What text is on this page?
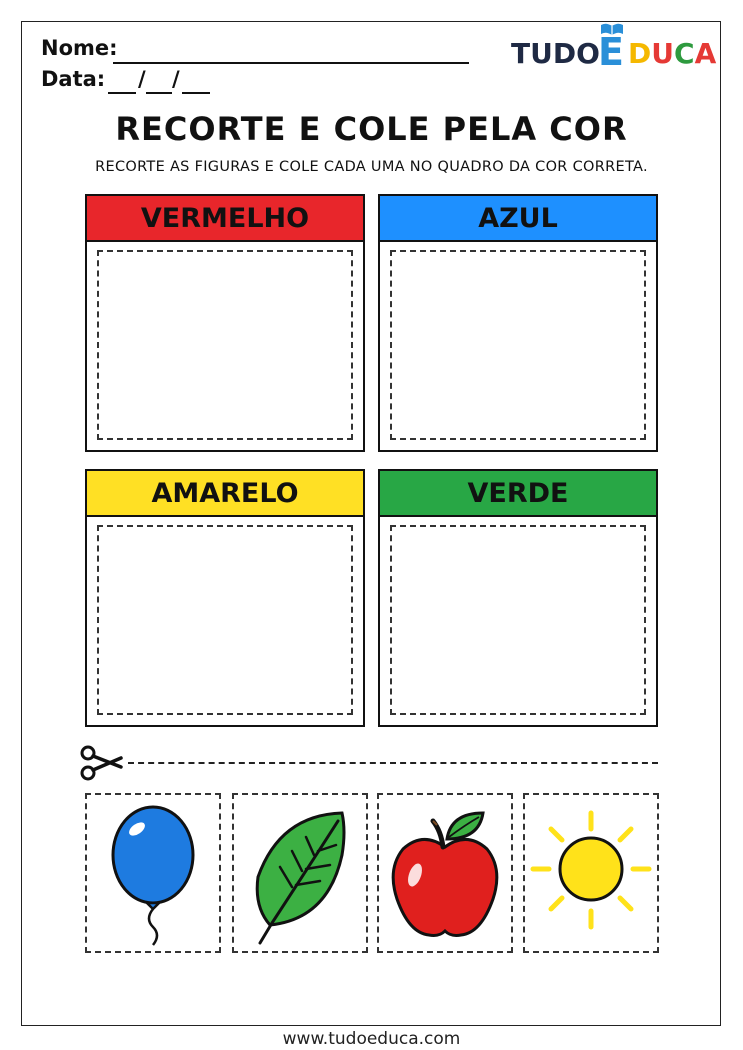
Nome:
Data: / /
TUDO
E DUCA
RECORTE E COLE PELA COR
RECORTE AS FIGURAS E COLE CADA UMA NO QUADRO DA COR CORRETA.
VERMELHO	AZUL
AMARELO	VERDE
www.tudoeduca.com
